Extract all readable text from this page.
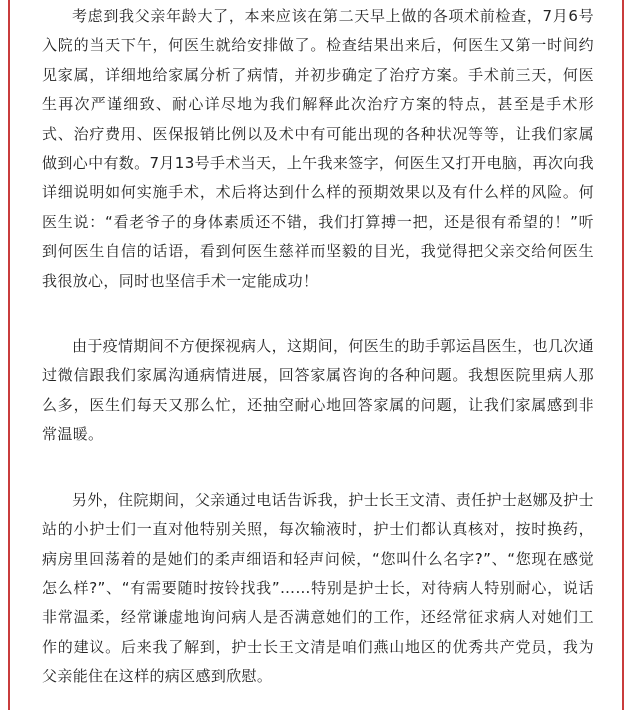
考虑到我父亲年龄大了，本来应该在第二天早上做的各项术前检查，7月6号入院的当天下午，何医生就给安排做了。检查结果出来后，何医生又第一时间约见家属，详细地给家属分析了病情，并初步确定了治疗方案。手术前三天，何医生再次严谨细致、耐心详尽地为我们解释此次治疗方案的特点，甚至是手术形式、治疗费用、医保报销比例以及术中有可能出现的各种状况等等，让我们家属做到心中有数。7月13号手术当天，上午我来签字，何医生又打开电脑，再次向我详细说明如何实施手术，术后将达到什么样的预期效果以及有什么样的风险。何医生说：“看老爷子的身体素质还不错，我们打算搏一把，还是很有希望的！”听到何医生自信的话语，看到何医生慈祥而坚毅的目光，我觉得把父亲交给何医生我很放心，同时也坚信手术一定能成功！

由于疫情期间不方便探视病人，这期间，何医生的助手郭运昌医生，也几次通过微信跟我们家属沟通病情进展，回答家属咨询的各种问题。我想医院里病人那么多，医生们每天又那么忙，还抽空耐心地回答家属的问题，让我们家属感到非常温暖。

另外，住院期间，父亲通过电话告诉我，护士长王文清、责任护士赵娜及护士站的小护士们一直对他特别关照，每次输液时，护士们都认真核对，按时换药，病房里回荡着的是她们的柔声细语和轻声问候，“您叫什么名字?”、“您现在感觉怎么样?”、“有需要随时按铃找我”……特别是护士长，对待病人特别耐心，说话非常温柔，经常谦虚地询问病人是否满意她们的工作，还经常征求病人对她们工作的建议。后来我了解到，护士长王文清是咱们燕山地区的优秀共产党员，我为父亲能住在这样的病区感到欣慰。
